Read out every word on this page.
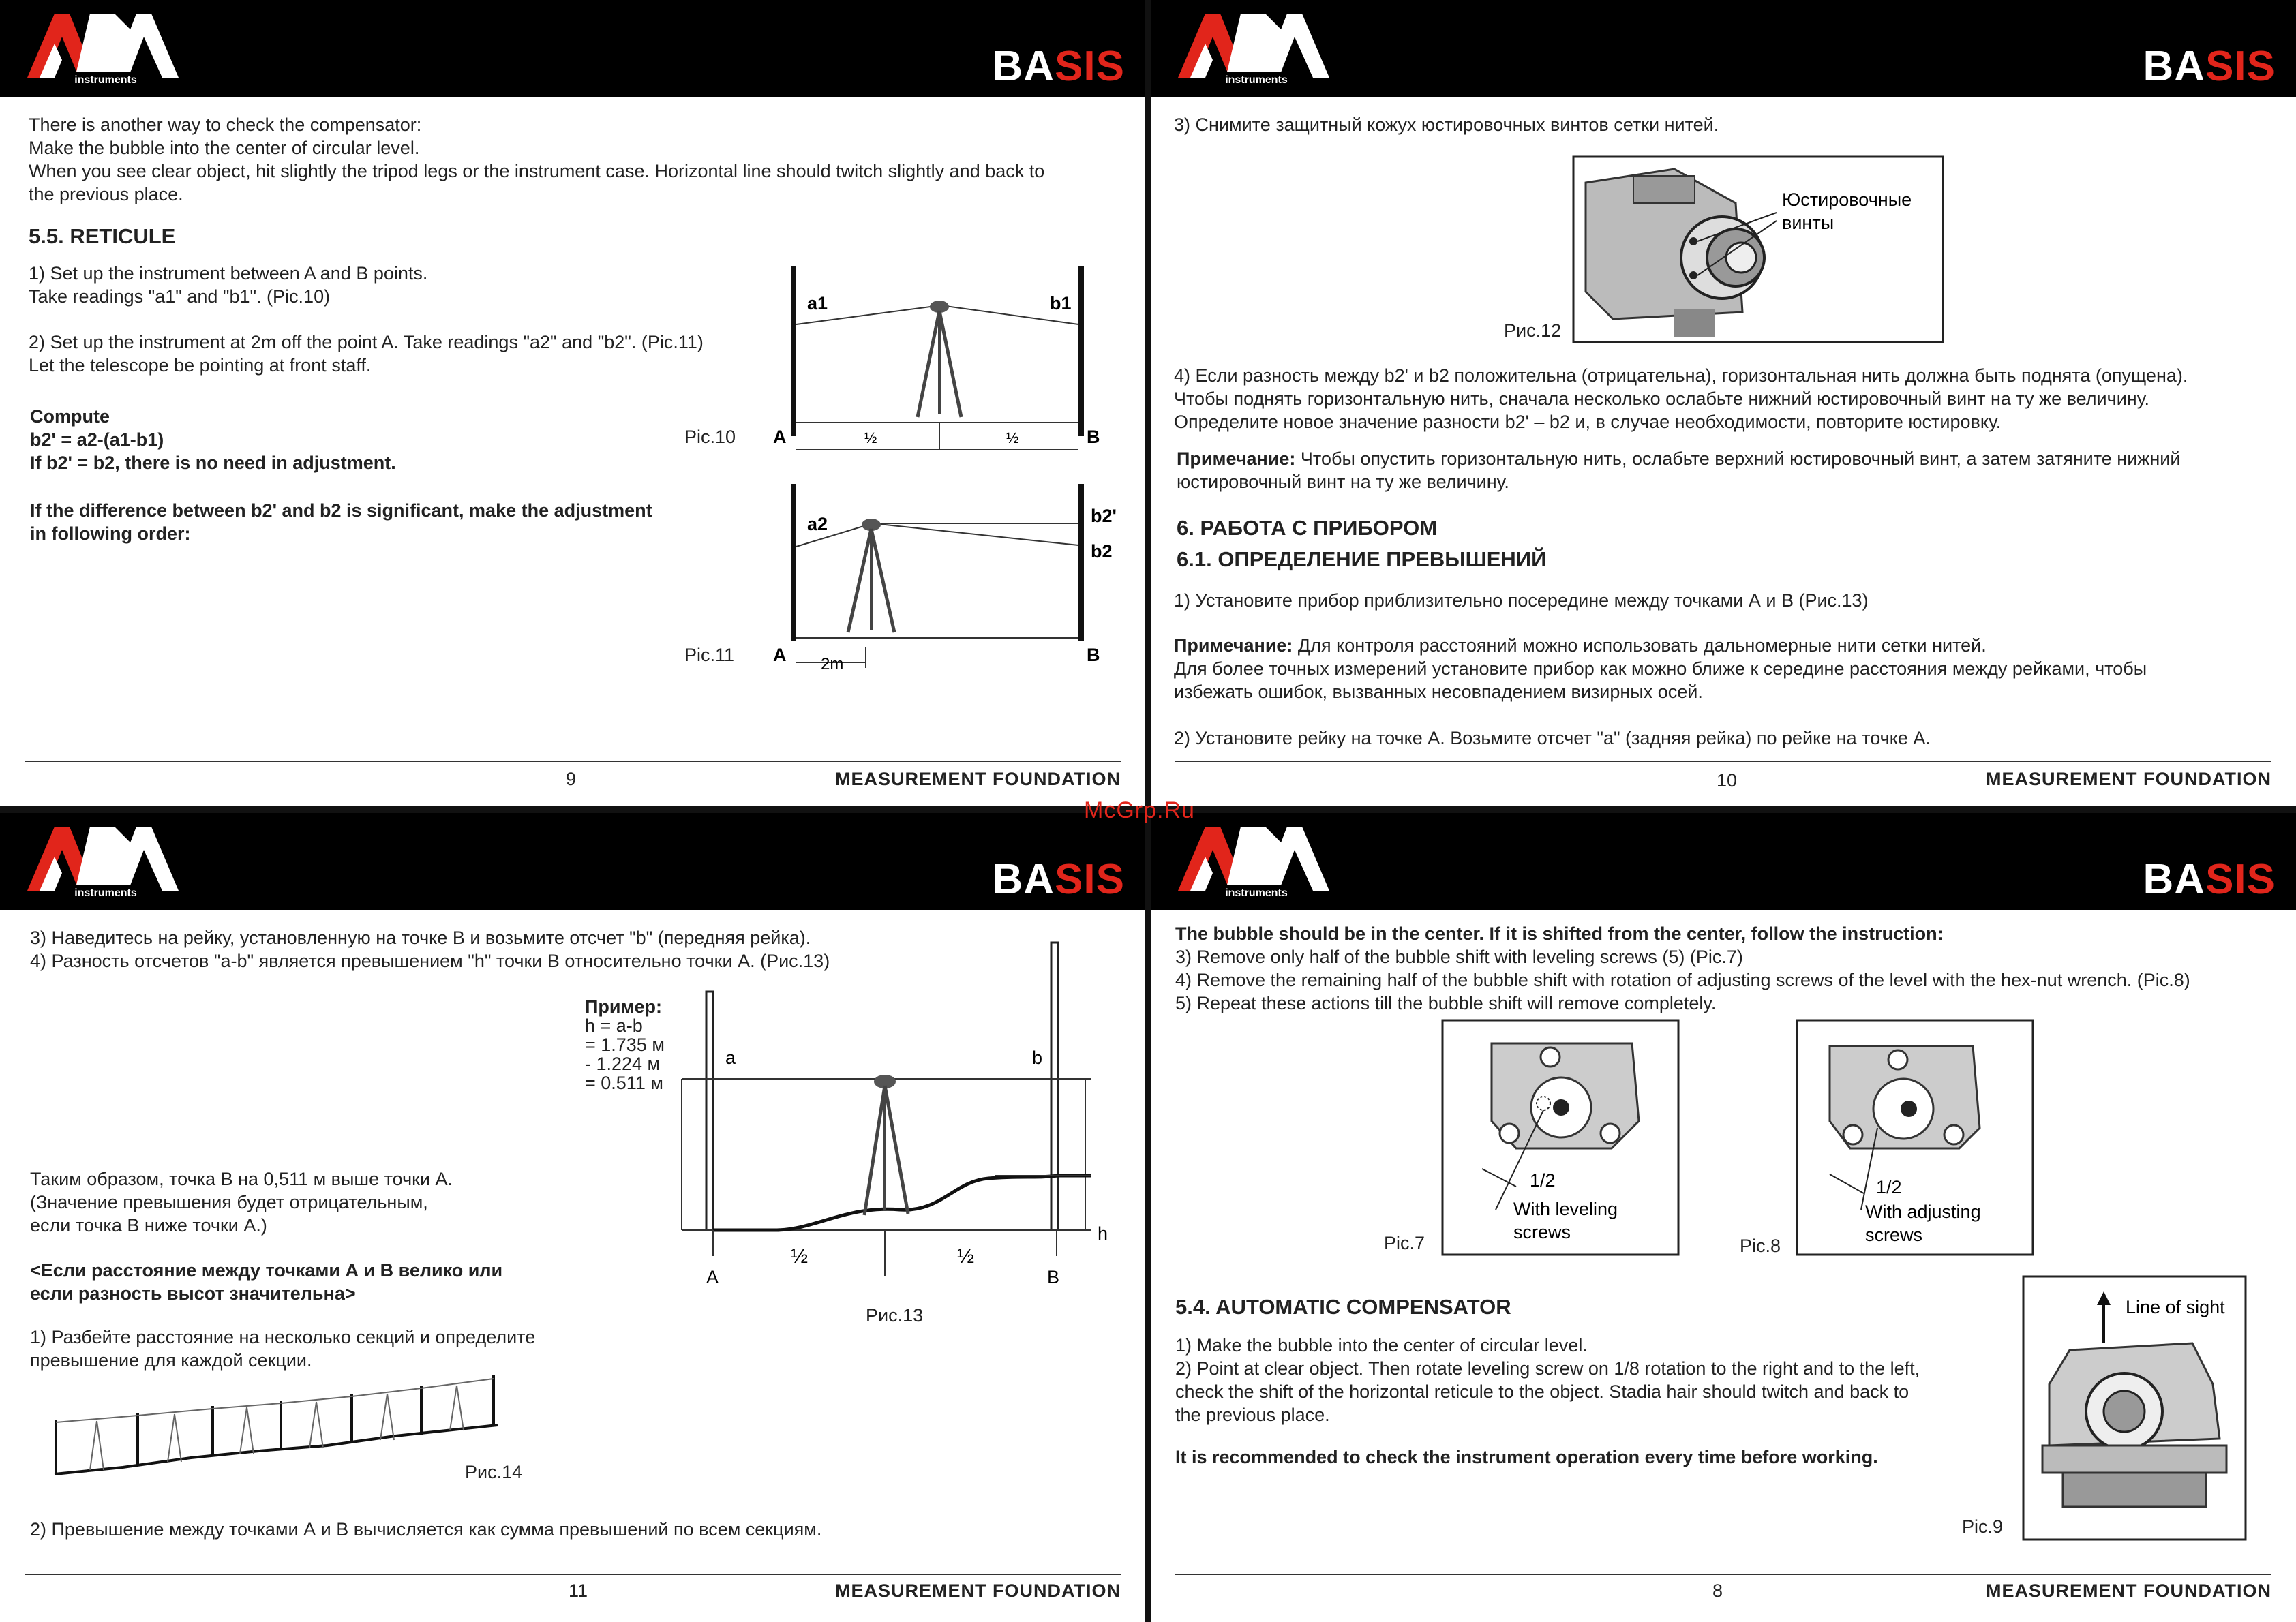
instruments	BASIS
There is another way to check the compensator:
Make the bubble into the center of circular level.
When you see clear object, hit slightly the tripod legs or the instrument case. Horizontal line should twitch slightly and back to
the previous place.
5.5. RETICULE
1) Set up the instrument between A and B points.
Take readings "a1" and "b1". (Pic.10)
2) Set up the instrument at 2m off the point A. Take readings "a2" and "b2". (Pic.11)
Let the telescope be pointing at front staff.
Compute
b2' = a2-(a1-b1)
If b2' = b2, there is no need in adjustment.
If the difference between b2' and b2 is significant, make the adjustment
in following order:
a1	b1
A	B
½	½
Pic.10
a2	b2'
b2
A	B
2m
Pic.11
9	MEASUREMENT FOUNDATION
instruments	BASIS
3) Снимите защитный кожух юстировочных винтов сетки нитей.
Юстировочные
винты
Рис.12
4) Если разность между b2' и b2 положительна (отрицательна), горизонтальная нить должна быть поднята (опущена).
Чтобы поднять горизонтальную нить, сначала несколько ослабьте нижний юстировочный винт на ту же величину.
Определите новое значение разности b2' – b2 и, в случае необходимости, повторите юстировку.
Примечание: Чтобы опустить горизонтальную нить, ослабьте верхний юстировочный винт, а затем затяните нижний
юстировочный винт на ту же величину.
6. РАБОТА С ПРИБОРОМ
6.1. ОПРЕДЕЛЕНИЕ ПРЕВЫШЕНИЙ
1) Установите прибор приблизительно посередине между точками А и В (Рис.13)
Примечание: Для контроля расстояний можно использовать дальномерные нити сетки нитей.
Для более точных измерений установите прибор как можно ближе к середине расстояния между рейками, чтобы
избежать ошибок, вызванных несовпадением визирных осей.
2) Установите рейку на точке А. Возьмите отсчет "а" (задняя рейка) по рейке на точке А.
10	MEASUREMENT FOUNDATION
instruments	BASIS
3) Наведитесь на рейку, установленную на точке В и возьмите отсчет "b" (передняя рейка).
4) Разность отсчетов "a-b" является превышением "h" точки В относительно точки А. (Рис.13)
Пример:
h = a-b
= 1.735 м
- 1.224 м
= 0.511 м
a	b
h
A	B
½	½
Рис.13
Таким образом, точка В на 0,511 м выше точки А.
(Значение превышения будет отрицательным,
если точка В ниже точки А.)
<Если расстояние между точками А и В велико или
если разность высот значительна>
1) Разбейте расстояние на несколько секций и определите
превышение для каждой секции.
Рис.14
2) Превышение между точками А и В вычисляется как сумма превышений по всем секциям.
11	MEASUREMENT FOUNDATION
instruments	BASIS
The bubble should be in the center. If it is shifted from the center, follow the instruction:
3) Remove only half of the bubble shift with leveling screws (5) (Pic.7)
4) Remove the remaining half of the bubble shift with rotation of adjusting screws of the level with the hex-nut wrench. (Pic.8)
5) Repeat these actions till the bubble shift will remove completely.
1/2
With leveling
screws
Pic.7
1/2
With adjusting
screws
Pic.8
5.4. AUTOMATIC COMPENSATOR
1) Make the bubble into the center of circular level.
2) Point at clear object. Then rotate leveling screw on 1/8 rotation to the right and to the left,
check the shift of the horizontal reticule to the object. Stadia hair should twitch and back to
the previous place.
It is recommended to check the instrument operation every time before working.
Line of sight
Pic.9
8	MEASUREMENT FOUNDATION
McGrp.Ru
